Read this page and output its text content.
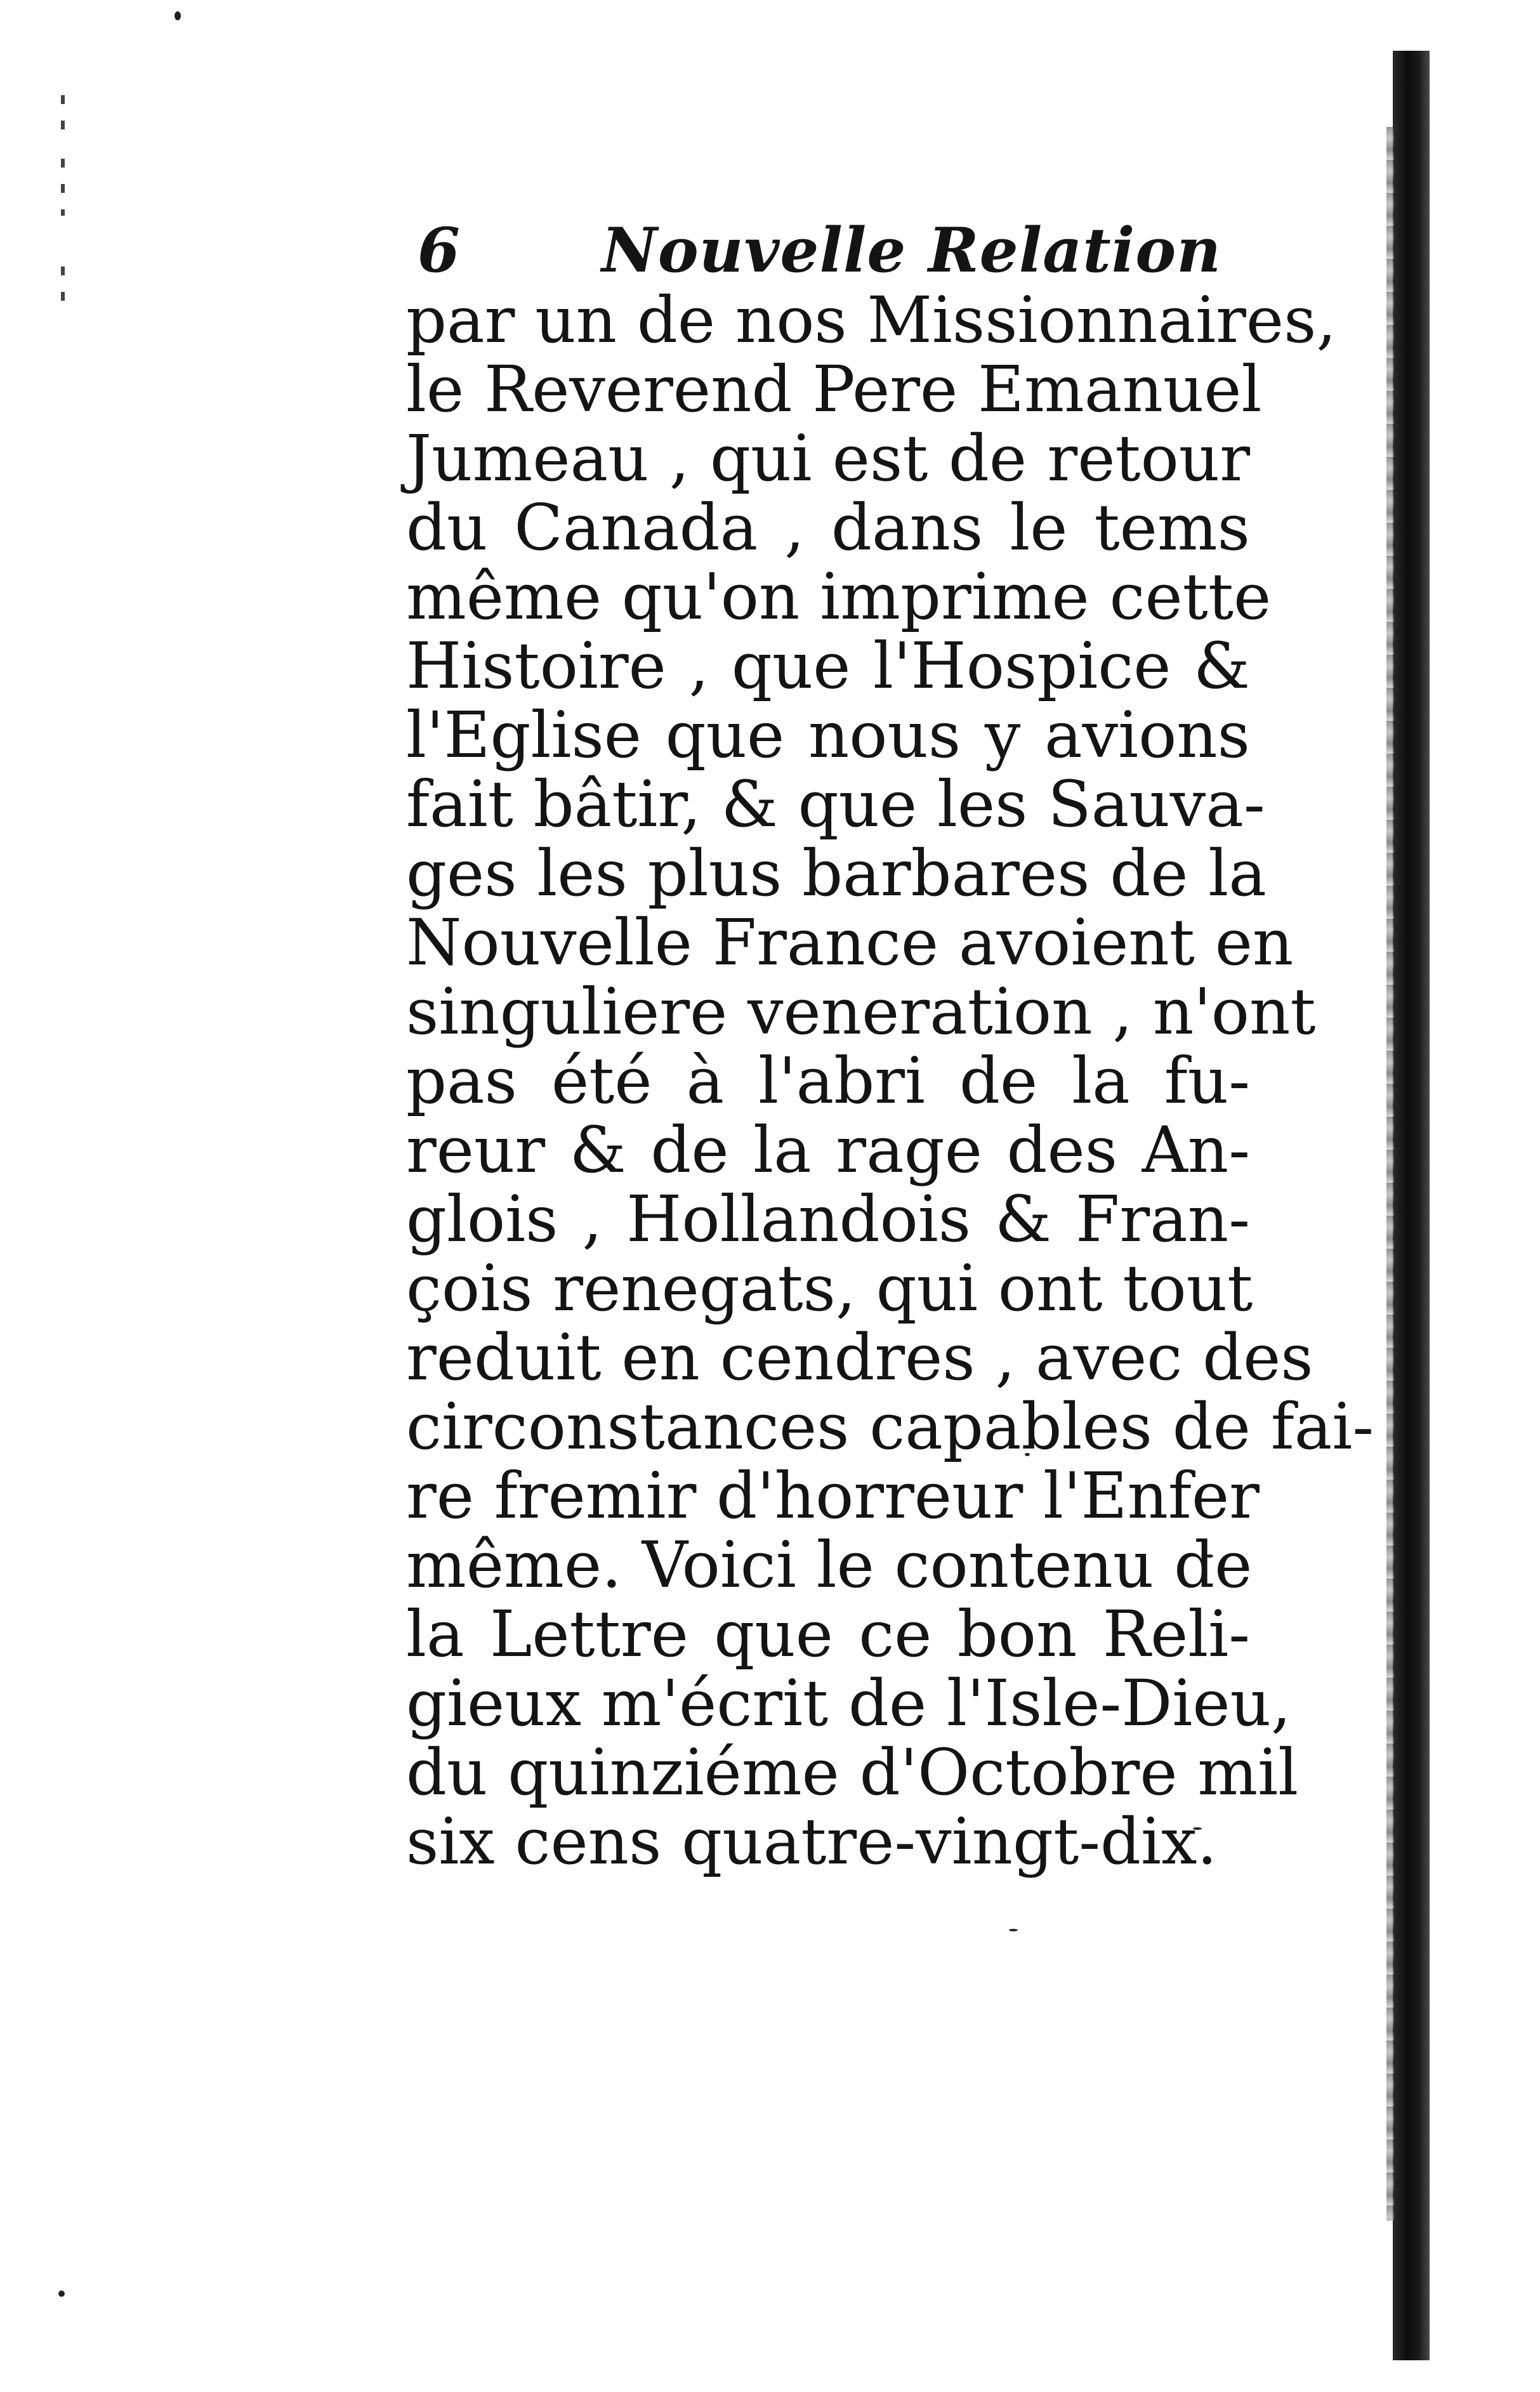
6 Nouvelle Relation
par un de nos Missionnaires,
le Reverend Pere Emanuel
Jumeau , qui est de retour
du Canada , dans le tems
même qu'on imprime cette
Histoire , que l'Hospice &
l'Eglise que nous y avions
fait bâtir, & que les Sauva-
ges les plus barbares de la
Nouvelle France avoient en
singuliere veneration , n'ont
pas été à l'abri de la fu-
reur & de la rage des An-
glois , Hollandois & Fran-
çois renegats, qui ont tout
reduit en cendres , avec des
circonstances capables de fai-
re fremir d'horreur l'Enfer
même. Voici le contenu de
la Lettre que ce bon Reli-
gieux m'écrit de l'Isle-Dieu,
du quinziéme d'Octobre mil
six cens quatre-vingt-dix.
